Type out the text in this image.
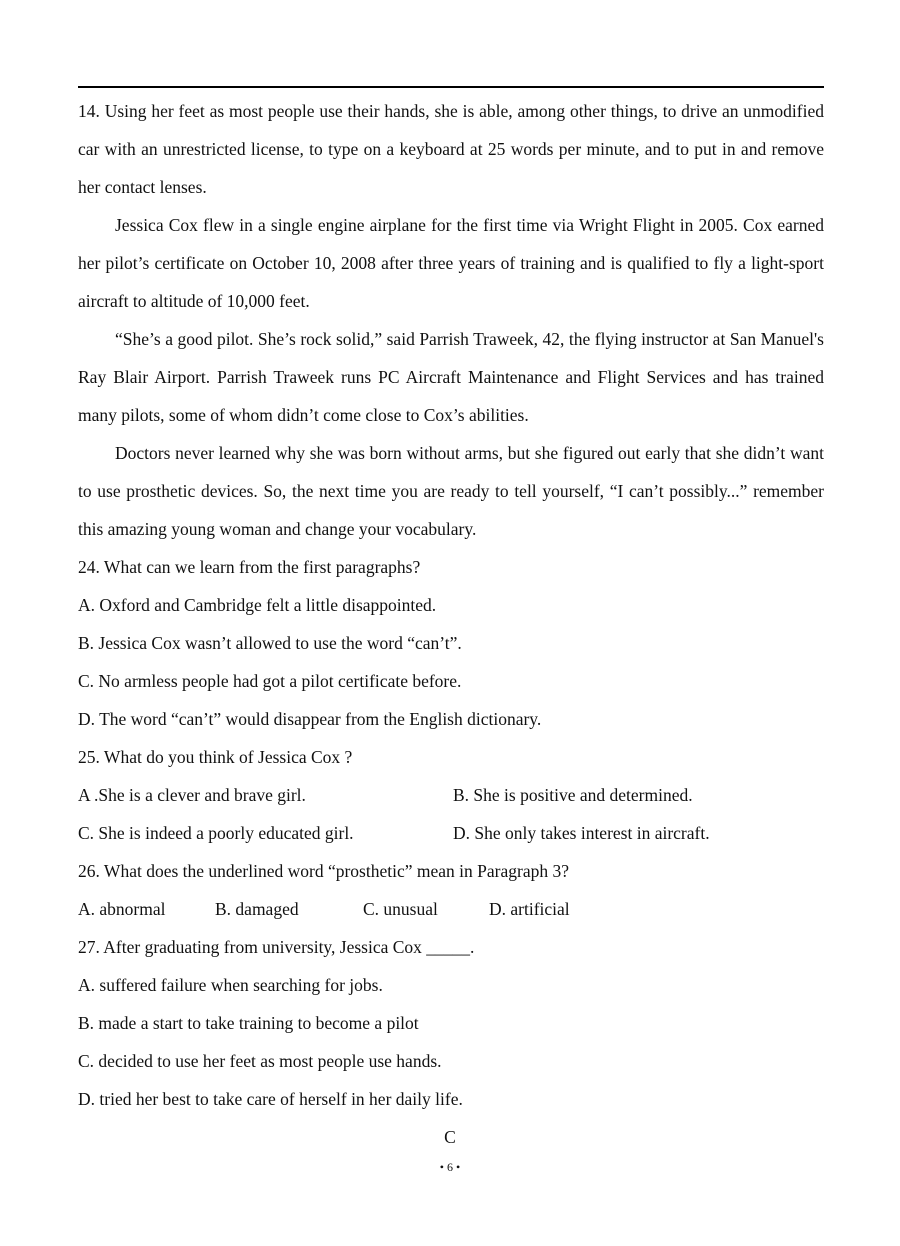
14. Using her feet as most people use their hands, she is able, among other things, to drive an unmodified car with an unrestricted license, to type on a keyboard at 25 words per minute, and to put in and remove her contact lenses.
Jessica Cox flew in a single engine airplane for the first time via Wright Flight in 2005. Cox earned her pilot’s certificate on October 10, 2008 after three years of training and is qualified to fly a light-sport aircraft to altitude of 10,000 feet.
“She’s a good pilot. She’s rock solid,” said Parrish Traweek, 42, the flying instructor at San Manuel's Ray Blair Airport. Parrish Traweek runs PC Aircraft Maintenance and Flight Services and has trained many pilots, some of whom didn’t come close to Cox’s abilities.
Doctors never learned why she was born without arms, but she figured out early that she didn’t want to use prosthetic devices. So, the next time you are ready to tell yourself, “I can’t possibly...” remember this amazing young woman and change your vocabulary.
24. What can we learn from the first paragraphs?
A. Oxford and Cambridge felt a little disappointed.
B. Jessica Cox wasn’t allowed to use the word “can’t”.
C. No armless people had got a pilot certificate before.
D. The word “can’t” would disappear from the English dictionary.
25. What do you think of Jessica Cox ?
A .She is a clever and brave girl.	B. She is positive and determined.
C. She is indeed a poorly educated girl.	D. She only takes interest in aircraft.
26. What does the underlined word “prosthetic” mean in Paragraph 3?
A. abnormal	B. damaged	C. unusual	D. artificial
27. After graduating from university, Jessica Cox _____.
A. suffered failure when searching for jobs.
B. made a start to take training to become a pilot
C. decided to use her feet as most people use hands.
D. tried her best to take care of herself in her daily life.
C
• 6 •
